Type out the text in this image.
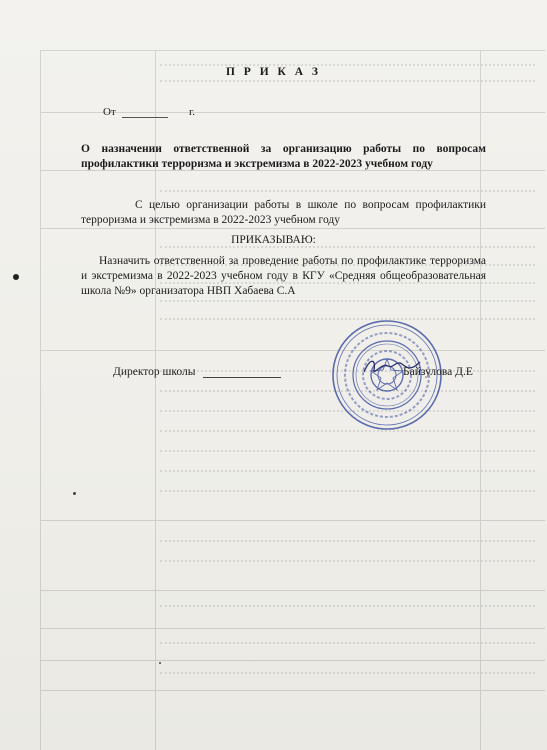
П Р И К А З
От	г.
О назначении ответственной за организацию работы по вопросам профилактики терроризма и экстремизма в 2022-2023 учебном году
С целью организации работы в школе по вопросам профилактики терроризма и экстремизма в 2022-2023 учебном году
ПРИКАЗЫВАЮ:
Назначить ответственной за проведение работы по профилактике терроризма и экстремизма в 2022-2023 учебном году в КГУ «Средняя общеобразовательная школа №9» организатора НВП Хабаева С.А
Директор школы	Байзулова Д.Е
